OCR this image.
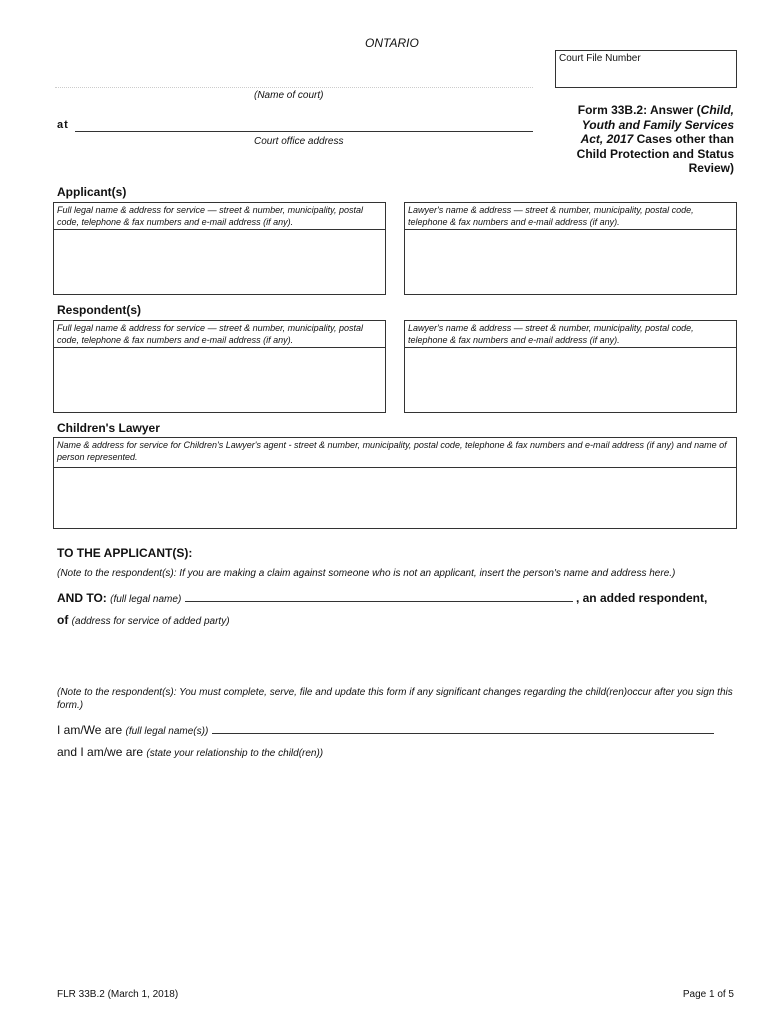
ONTARIO
Court File Number
(Name of court)
at
Court office address
Form 33B.2: Answer (Child, Youth and Family Services Act, 2017 Cases other than Child Protection and Status Review)
Applicant(s)
Full legal name & address for service — street & number, municipality, postal code, telephone & fax numbers and e-mail address (if any).
Lawyer's name & address — street & number, municipality, postal code, telephone & fax numbers and e-mail address (if any).
Respondent(s)
Full legal name & address for service — street & number, municipality, postal code, telephone & fax numbers and e-mail address (if any).
Lawyer's name & address — street & number, municipality, postal code, telephone & fax numbers and e-mail address (if any).
Children's Lawyer
Name & address for service for Children's Lawyer's agent - street & number, municipality, postal code, telephone & fax numbers and e-mail address (if any) and name of person represented.
TO THE APPLICANT(S):
(Note to the respondent(s): If you are making a claim against someone who is not an applicant, insert the person's name and address here.)
AND TO: (full legal name)	, an added respondent,
of (address for service of added party)
(Note to the respondent(s): You must complete, serve, file and update this form if any significant changes regarding the child(ren)occur after you sign this form.)
I am/We are (full legal name(s))
and I am/we are (state your relationship to the child(ren))
FLR 33B.2 (March 1, 2018)	Page 1 of 5
